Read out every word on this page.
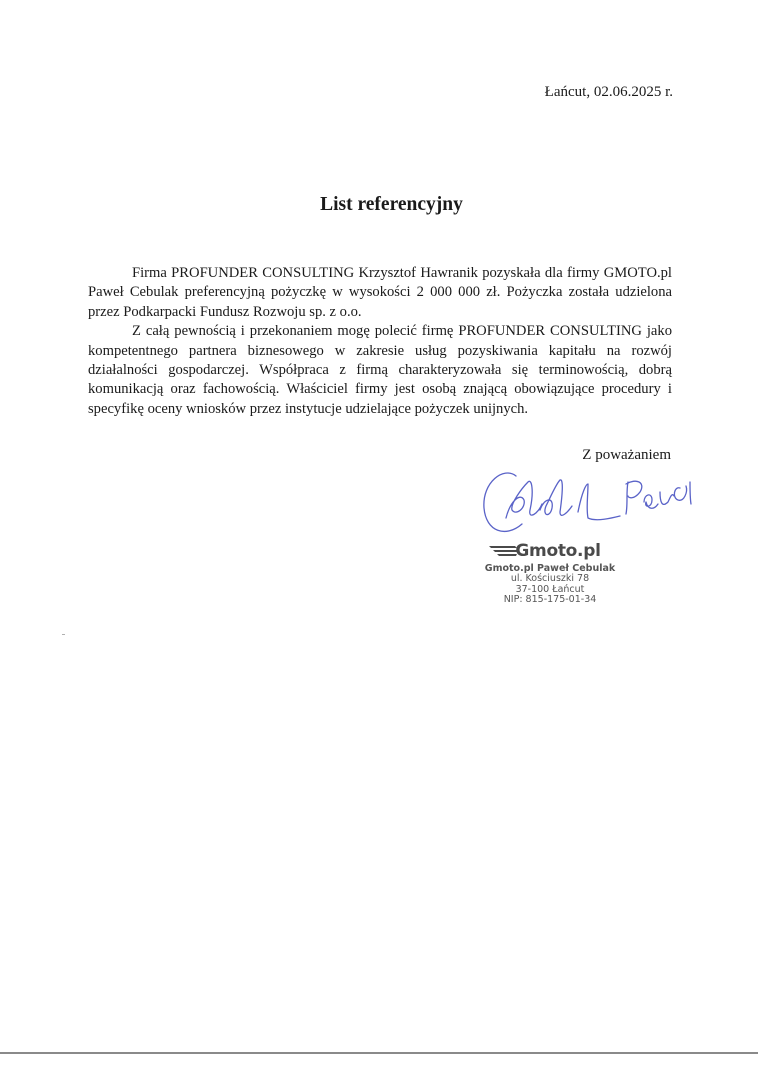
Łańcut, 02.06.2025 r.
List referencyjny

Firma PROFUNDER CONSULTING Krzysztof Hawranik pozyskała dla firmy GMOTO.pl Paweł Cebulak preferencyjną pożyczkę w wysokości 2 000 000 zł. Pożyczka została udzielona przez Podkarpacki Fundusz Rozwoju sp. z o.o.

Z całą pewnością i przekonaniem mogę polecić firmę PROFUNDER CONSULTING jako kompetentnego partnera biznesowego w zakresie usług pozyskiwania kapitału na rozwój działalności gospodarczej. Współpraca z firmą charakteryzowała się terminowością, dobrą komunikacją oraz fachowością. Właściciel firmy jest osobą znającą obowiązujące procedury i specyfikę oceny wniosków przez instytucje udzielające pożyczek unijnych.

Z poważaniem
Gmoto.pl
Gmoto.pl Paweł Cebulak
ul. Kościuszki 78
37-100 Łańcut
NIP: 815-175-01-34
